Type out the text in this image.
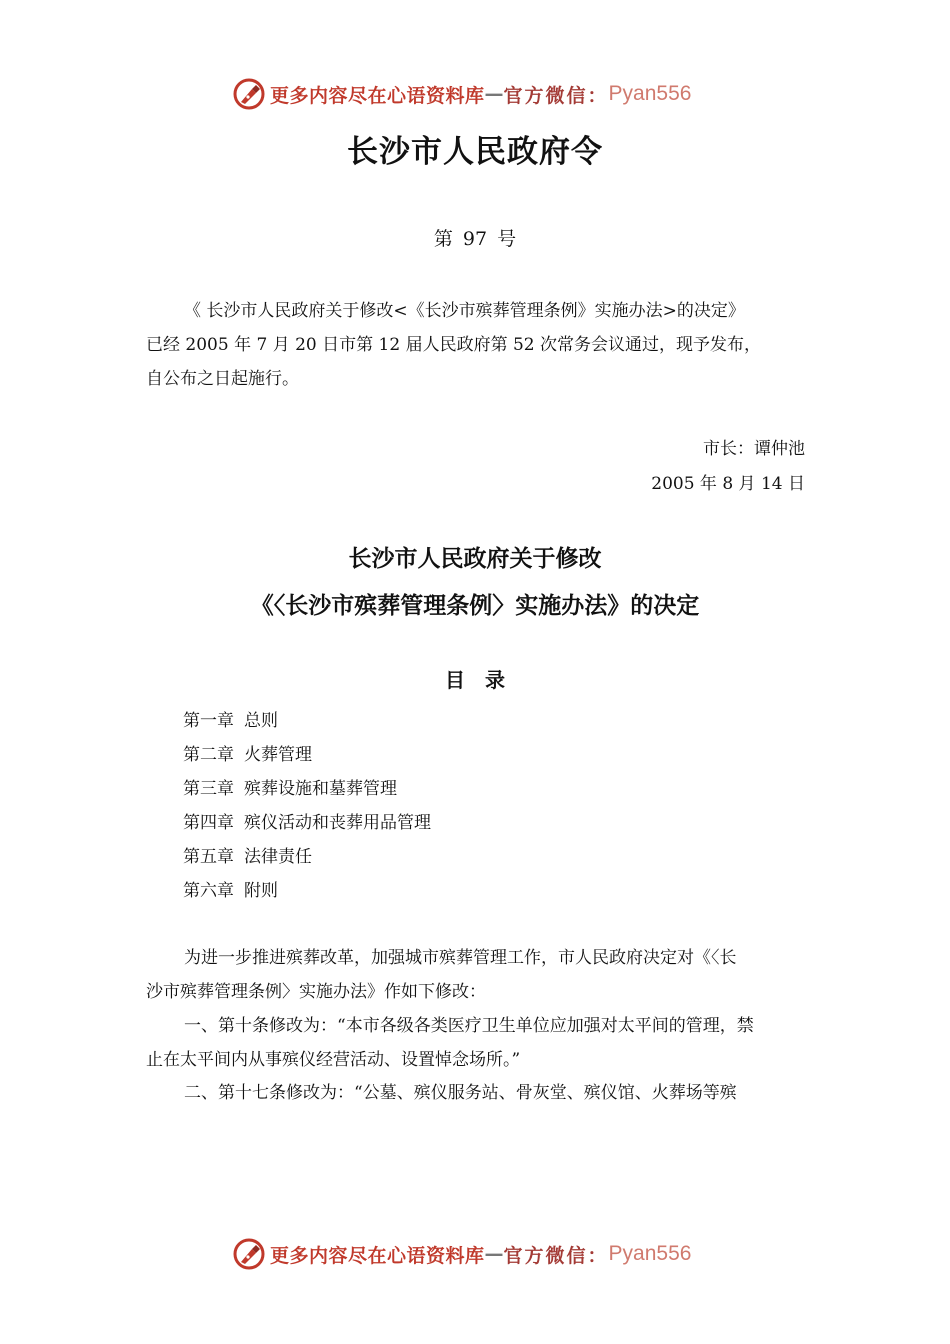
更多内容尽在心语资料库 — 官方微信： Pyan556
长沙市人民政府令
第 97 号

《 长沙市人民政府关于修改<《长沙市殡葬管理条例》实施办法>的决定》
已经 2005 年 7 月 20 日市第 12 届人民政府第 52 次常务会议通过，现予发布，
自公布之日起施行。

市长：谭仲池
2005 年 8 月 14 日
长沙市人民政府关于修改
《〈长沙市殡葬管理条例〉实施办法》的决定
目录
第一章 总则
第二章 火葬管理
第三章 殡葬设施和墓葬管理
第四章 殡仪活动和丧葬用品管理
第五章 法律责任
第六章 附则

为进一步推进殡葬改革，加强城市殡葬管理工作，市人民政府决定对《〈长
沙市殡葬管理条例〉实施办法》作如下修改：

一、第十条修改为：“本市各级各类医疗卫生单位应加强对太平间的管理，禁
止在太平间内从事殡仪经营活动、设置悼念场所。”

二、第十七条修改为：“公墓、殡仪服务站、骨灰堂、殡仪馆、火葬场等殡

更多内容尽在心语资料库 — 官方微信： Pyan556
